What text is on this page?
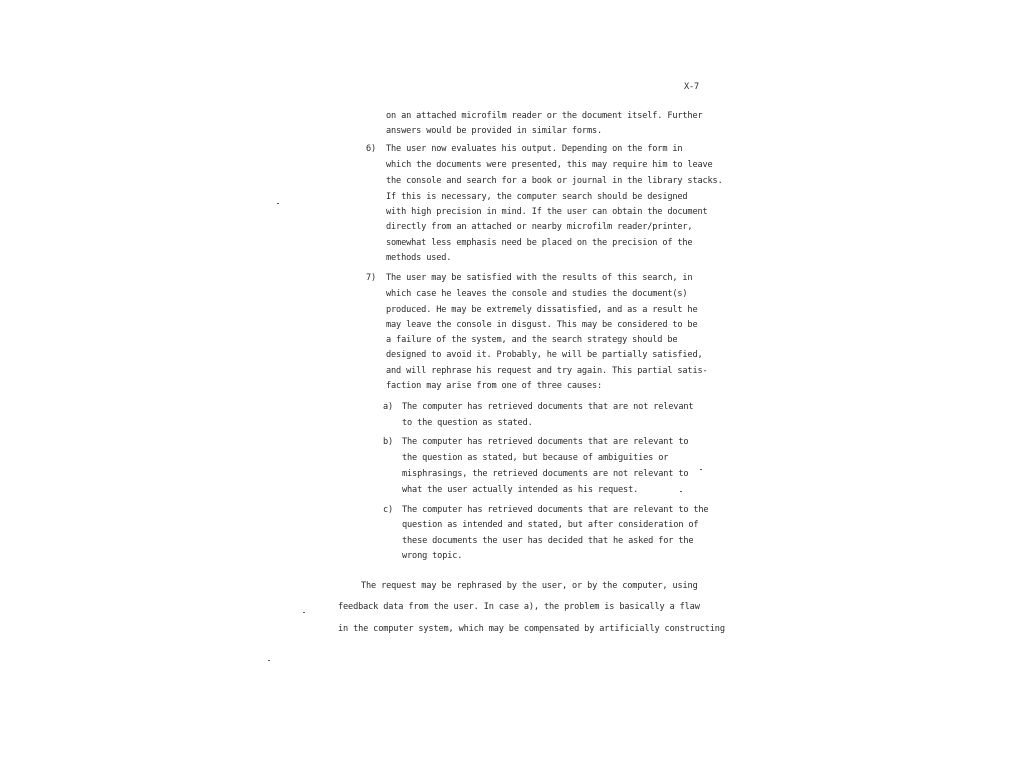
X-7
on an attached microfilm reader or the document itself. Further
answers would be provided in similar forms.
6) The user now evaluates his output. Depending on the form in
which the documents were presented, this may require him to leave
the console and search for a book or journal in the library stacks.
If this is necessary, the computer search should be designed
with high precision in mind. If the user can obtain the document
directly from an attached or nearby microfilm reader/printer,
somewhat less emphasis need be placed on the precision of the
methods used.
7) The user may be satisfied with the results of this search, in
which case he leaves the console and studies the document(s)
produced. He may be extremely dissatisfied, and as a result he
may leave the console in disgust. This may be considered to be
a failure of the system, and the search strategy should be
designed to avoid it. Probably, he will be partially satisfied,
and will rephrase his request and try again. This partial satis-
faction may arise from one of three causes:
a) The computer has retrieved documents that are not relevant
to the question as stated.
b) The computer has retrieved documents that are relevant to
the question as stated, but because of ambiguities or
misphrasings, the retrieved documents are not relevant to
what the user actually intended as his request.
c) The computer has retrieved documents that are relevant to the
question as intended and stated, but after consideration of
these documents the user has decided that he asked for the
wrong topic.
The request may be rephrased by the user, or by the computer, using
feedback data from the user. In case a), the problem is basically a flaw
in the computer system, which may be compensated by artificially constructing
